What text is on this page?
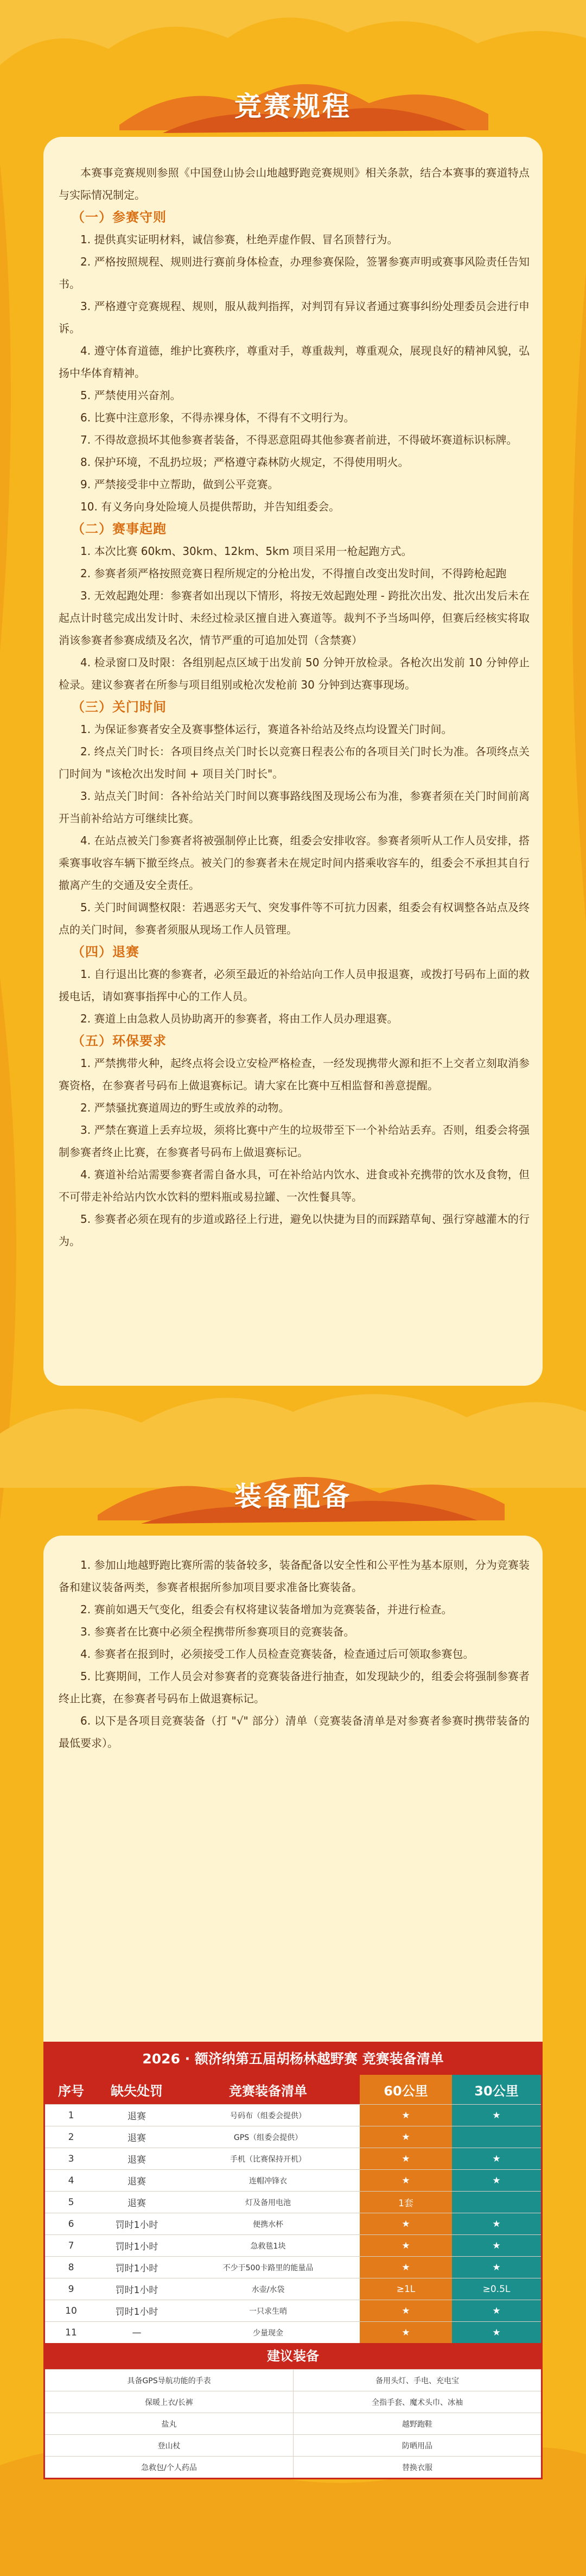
竞赛规程
本赛事竞赛规则参照《中国登山协会山地越野跑竞赛规则》相关条款，结合本赛事的赛道特点与实际情况制定。
（一）参赛守则
1. 提供真实证明材料，诚信参赛，杜绝弄虚作假、冒名顶替行为。
2. 严格按照规程、规则进行赛前身体检查，办理参赛保险，签署参赛声明或赛事风险责任告知书。
3. 严格遵守竞赛规程、规则，服从裁判指挥，对判罚有异议者通过赛事纠纷处理委员会进行申诉。
4. 遵守体育道德，维护比赛秩序，尊重对手，尊重裁判，尊重观众，展现良好的精神风貌，弘扬中华体育精神。
5. 严禁使用兴奋剂。
6. 比赛中注意形象，不得赤裸身体，不得有不文明行为。
7. 不得故意损坏其他参赛者装备，不得恶意阻碍其他参赛者前进，不得破坏赛道标识标牌。
8. 保护环境，不乱扔垃圾；严格遵守森林防火规定，不得使用明火。
9. 严禁接受非中立帮助，做到公平竞赛。
10. 有义务向身处险境人员提供帮助，并告知组委会。
（二）赛事起跑
1. 本次比赛 60km、30km、12km、5km 项目采用一枪起跑方式。
2. 参赛者须严格按照竞赛日程所规定的分枪出发，不得擅自改变出发时间，不得跨枪起跑
3. 无效起跑处理：参赛者如出现以下情形，将按无效起跑处理 - 跨批次出发、批次出发后未在起点计时毯完成出发计时、未经过检录区擅自进入赛道等。裁判不予当场叫停，但赛后经核实将取消该参赛者参赛成绩及名次，情节严重的可追加处罚（含禁赛）
4. 检录窗口及时限：各组别起点区域于出发前 50 分钟开放检录。各枪次出发前 10 分钟停止检录。建议参赛者在所参与项目组别或枪次发枪前 30 分钟到达赛事现场。
（三）关门时间
1. 为保证参赛者安全及赛事整体运行，赛道各补给站及终点均设置关门时间。
2. 终点关门时长：各项目终点关门时长以竞赛日程表公布的各项目关门时长为准。各项终点关门时间为 "该枪次出发时间 + 项目关门时长"。
3. 站点关门时间：各补给站关门时间以赛事路线图及现场公布为准，参赛者须在关门时间前离开当前补给站方可继续比赛。
4. 在站点被关门参赛者将被强制停止比赛，组委会安排收容。参赛者须听从工作人员安排，搭乘赛事收容车辆下撤至终点。被关门的参赛者未在规定时间内搭乘收容车的，组委会不承担其自行撤离产生的交通及安全责任。
5. 关门时间调整权限：若遇恶劣天气、突发事件等不可抗力因素，组委会有权调整各站点及终点的关门时间，参赛者须服从现场工作人员管理。
（四）退赛
1. 自行退出比赛的参赛者，必须至最近的补给站向工作人员申报退赛，或拨打号码布上面的救援电话，请如赛事指挥中心的工作人员。
2. 赛道上由急救人员协助离开的参赛者，将由工作人员办理退赛。
（五）环保要求
1. 严禁携带火种，起终点将会设立安检严格检查，一经发现携带火源和拒不上交者立刻取消参赛资格，在参赛者号码布上做退赛标记。请大家在比赛中互相监督和善意提醒。
2. 严禁骚扰赛道周边的野生或放养的动物。
3. 严禁在赛道上丢弃垃圾，须将比赛中产生的垃圾带至下一个补给站丢弃。否则，组委会将强制参赛者终止比赛，在参赛者号码布上做退赛标记。
4. 赛道补给站需要参赛者需自备水具，可在补给站内饮水、进食或补充携带的饮水及食物，但不可带走补给站内饮水饮料的塑料瓶或易拉罐、一次性餐具等。
5. 参赛者必须在现有的步道或路径上行进，避免以快捷为目的而踩踏草甸、强行穿越灌木的行为。
装备配备
1. 参加山地越野跑比赛所需的装备较多，装备配备以安全性和公平性为基本原则，分为竞赛装备和建议装备两类，参赛者根据所参加项目要求准备比赛装备。
2. 赛前如遇天气变化，组委会有权将建议装备增加为竞赛装备，并进行检查。
3. 参赛者在比赛中必须全程携带所参赛项目的竞赛装备。
4. 参赛者在报到时，必须接受工作人员检查竞赛装备，检查通过后可领取参赛包。
5. 比赛期间，工作人员会对参赛者的竞赛装备进行抽查，如发现缺少的，组委会将强制参赛者终止比赛，在参赛者号码布上做退赛标记。
6. 以下是各项目竞赛装备（打 "√" 部分）清单（竞赛装备清单是对参赛者参赛时携带装备的最低要求）。
2026 · 额济纳第五届胡杨林越野赛 竞赛装备清单
序号	缺失处罚	竞赛装备清单	60公里	30公里
1	退赛	号码布（组委会提供）	★	★
2	退赛	GPS（组委会提供）	★
3	退赛	手机（比赛保持开机）	★	★
4	退赛	连帽冲锋衣	★	★
5	退赛	灯及备用电池	1套
6	罚时1小时	便携水杯	★	★
7	罚时1小时	急救毯1块	★	★
8	罚时1小时	不少于500卡路里的能量品	★	★
9	罚时1小时	水壶/水袋	≥1L	≥0.5L
10	罚时1小时	一只求生哨	★	★
11	—	少量现金	★	★
建议装备
具备GPS导航功能的手表	备用头灯、手电、充电宝
保暖上衣/长裤	全指手套、魔术头巾、冰袖
盐丸	越野跑鞋
登山杖	防晒用品
急救包/个人药品	替换衣服
